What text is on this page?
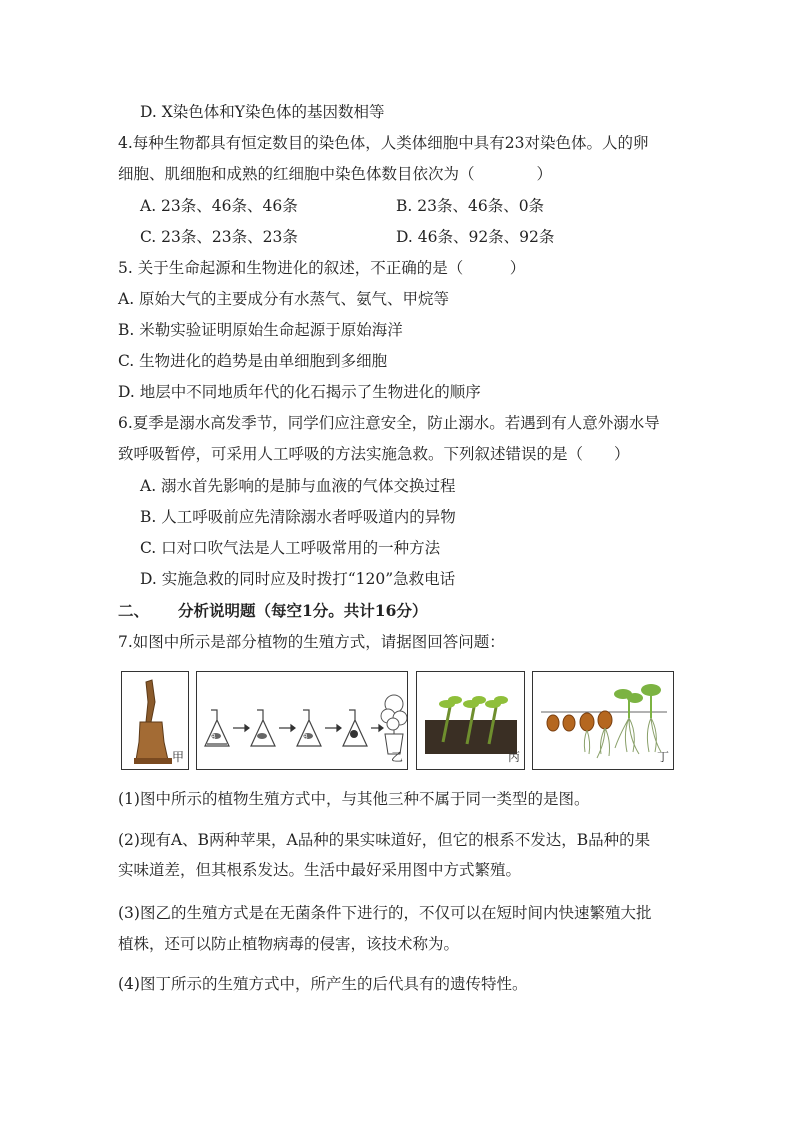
D. X染色体和Y染色体的基因数相等
4.每种生物都具有恒定数目的染色体，人类体细胞中具有23对染色体。人的卵
细胞、肌细胞和成熟的红细胞中染色体数目依次为（　　　　）
A. 23条、46条、46条	B. 23条、46条、0条
C. 23条、23条、23条	D. 46条、92条、92条
5. 关于生命起源和生物进化的叙述，不正确的是（　　　）
A. 原始大气的主要成分有水蒸气、氨气、甲烷等
B. 米勒实验证明原始生命起源于原始海洋
C. 生物进化的趋势是由单细胞到多细胞
D. 地层中不同地质年代的化石揭示了生物进化的顺序
6.夏季是溺水高发季节，同学们应注意安全，防止溺水。若遇到有人意外溺水导
致呼吸暂停，可采用人工呼吸的方法实施急救。下列叙述错误的是（　　）
A. 溺水首先影响的是肺与血液的气体交换过程
B. 人工呼吸前应先清除溺水者呼吸道内的异物
C. 口对口吹气法是人工呼吸常用的一种方法
D. 实施急救的同时应及时拨打“120”急救电话
二、 分析说明题（每空1分。共计16分）
7.如图中所示是部分植物的生殖方式，请据图回答问题：
甲
B	B
乙	丙	丁
(1)图中所示的植物生殖方式中，与其他三种不属于同一类型的是图。
(2)现有A、B两种苹果，A品种的果实味道好，但它的根系不发达，B品种的果
实味道差，但其根系发达。生活中最好采用图中方式繁殖。
(3)图乙的生殖方式是在无菌条件下进行的，不仅可以在短时间内快速繁殖大批
植株，还可以防止植物病毒的侵害，该技术称为。
(4)图丁所示的生殖方式中，所产生的后代具有的遗传特性。
